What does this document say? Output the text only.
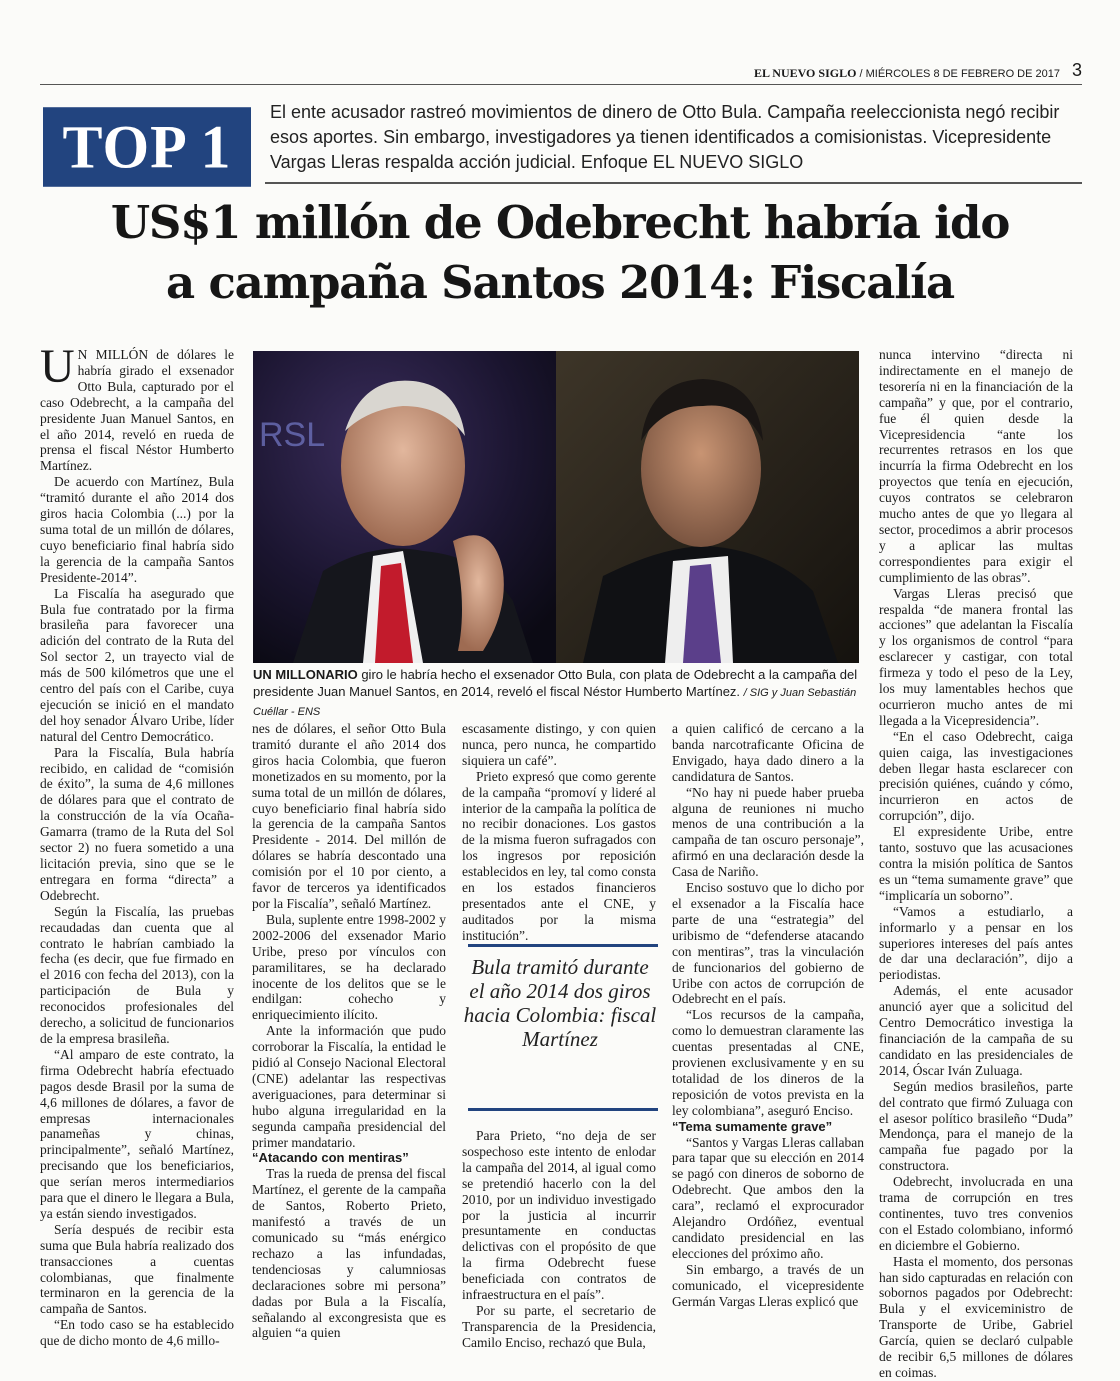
EL NUEVO SIGLO / MIÉRCOLES 8 DE FEBRERO DE 2017 3
TOP 1
El ente acusador rastreó movimientos de dinero de Otto Bula. Campaña reeleccionista negó recibir esos aportes. Sin embargo, investigadores ya tienen identificados a comisionistas. Vicepresidente Vargas Lleras respalda acción judicial. Enfoque EL NUEVO SIGLO
US$1 millón de Odebrecht habría ido
a campaña Santos 2014: Fiscalía
RSL
UN MILLONARIO giro le habría hecho el exsenador Otto Bula, con plata de Odebrecht a la campaña del presidente Juan Manuel Santos, en 2014, reveló el fiscal Néstor Humberto Martínez. / SIG y Juan Sebastián Cuéllar - ENS

U N MILLÓN de dólares le habría girado el exsenador Otto Bula, capturado por el caso Odebrecht, a la campaña del presidente Juan Manuel Santos, en el año 2014, reveló en rueda de prensa el fiscal Néstor Humberto Martínez.

De acuerdo con Martínez, Bula “tramitó durante el año 2014 dos giros hacia Colombia (...) por la suma total de un millón de dólares, cuyo beneficiario final habría sido la gerencia de la campaña Santos Presidente-2014”.

La Fiscalía ha asegurado que Bula fue contratado por la firma brasileña para favorecer una adición del contrato de la Ruta del Sol sector 2, un trayecto vial de más de 500 kilómetros que une el centro del país con el Caribe, cuya ejecución se inició en el mandato del hoy senador Álvaro Uribe, líder natural del Centro Democrático.

Para la Fiscalía, Bula habría recibido, en calidad de “comisión de éxito”, la suma de 4,6 millones de dólares para que el contrato de la construcción de la vía Ocaña-Gamarra (tramo de la Ruta del Sol sector 2) no fuera sometido a una licitación previa, sino que se le entregara en forma “directa” a Odebrecht.

Según la Fiscalía, las pruebas recaudadas dan cuenta que al contrato le habrían cambiado la fecha (es decir, que fue firmado en el 2016 con fecha del 2013), con la participación de Bula y reconocidos profesionales del derecho, a solicitud de funcionarios de la empresa brasileña.

“Al amparo de este contrato, la firma Odebrecht habría efectuado pagos desde Brasil por la suma de 4,6 millones de dólares, a favor de empresas internacionales panameñas y chinas, principalmente”, señaló Martínez, precisando que los beneficiarios, que serían meros intermediarios para que el dinero le llegara a Bula, ya están siendo investigados.

Sería después de recibir esta suma que Bula habría realizado dos transacciones a cuentas colombianas, que finalmente terminaron en la gerencia de la campaña de Santos.

“En todo caso se ha establecido que de dicho monto de 4,6 millo-

nes de dólares, el señor Otto Bula tramitó durante el año 2014 dos giros hacia Colombia, que fueron monetizados en su momento, por la suma total de un millón de dólares, cuyo beneficiario final habría sido la gerencia de la campaña Santos Presidente - 2014. Del millón de dólares se habría descontado una comisión por el 10 por ciento, a favor de terceros ya identificados por la Fiscalía”, señaló Martínez.

Bula, suplente entre 1998-2002 y 2002-2006 del exsenador Mario Uribe, preso por vínculos con paramilitares, se ha declarado inocente de los delitos que se le endilgan: cohecho y enriquecimiento ilícito.

Ante la información que pudo corroborar la Fiscalía, la entidad le pidió al Consejo Nacional Electoral (CNE) adelantar las respectivas averiguaciones, para determinar si hubo alguna irregularidad en la segunda campaña presidencial del primer mandatario.

“Atacando con mentiras”

Tras la rueda de prensa del fiscal Martínez, el gerente de la campaña de Santos, Roberto Prieto, manifestó a través de un comunicado su “más enérgico rechazo a las infundadas, tendenciosas y calumniosas declaraciones sobre mi persona” dadas por Bula a la Fiscalía, señalando al excongresista que es alguien “a quien

escasamente distingo, y con quien nunca, pero nunca, he compartido siquiera un café”.

Prieto expresó que como gerente de la campaña “promoví y lideré al interior de la campaña la política de no recibir donaciones. Los gastos de la misma fueron sufragados con los ingresos por reposición establecidos en ley, tal como consta en los estados financieros presentados ante el CNE, y auditados por la misma institución”.

Bula tramitó durante el año 2014 dos giros hacia Colombia: fiscal Martínez

Para Prieto, “no deja de ser sospechoso este intento de enlodar la campaña del 2014, al igual como se pretendió hacerlo con la del 2010, por un individuo investigado por la justicia al incurrir presuntamente en conductas delictivas con el propósito de que la firma Odebrecht fuese beneficiada con contratos de infraestructura en el país”.

Por su parte, el secretario de Transparencia de la Presidencia, Camilo Enciso, rechazó que Bula,

a quien calificó de cercano a la banda narcotraficante Oficina de Envigado, haya dado dinero a la candidatura de Santos.

“No hay ni puede haber prueba alguna de reuniones ni mucho menos de una contribución a la campaña de tan oscuro personaje”, afirmó en una declaración desde la Casa de Nariño.

Enciso sostuvo que lo dicho por el exsenador a la Fiscalía hace parte de una “estrategia” del uribismo de “defenderse atacando con mentiras”, tras la vinculación de funcionarios del gobierno de Uribe con actos de corrupción de Odebrecht en el país.

“Los recursos de la campaña, como lo demuestran claramente las cuentas presentadas al CNE, provienen exclusivamente y en su totalidad de los dineros de la reposición de votos prevista en la ley colombiana”, aseguró Enciso.

“Tema sumamente grave”

“Santos y Vargas Lleras callaban para tapar que su elección en 2014 se pagó con dineros de soborno de Odebrecht. Que ambos den la cara”, reclamó el exprocurador Alejandro Ordóñez, eventual candidato presidencial en las elecciones del próximo año.

Sin embargo, a través de un comunicado, el vicepresidente Germán Vargas Lleras explicó que

nunca intervino “directa ni indirectamente en el manejo de tesorería ni en la financiación de la campaña” y que, por el contrario, fue él quien desde la Vicepresidencia “ante los recurrentes retrasos en los que incurría la firma Odebrecht en los proyectos que tenía en ejecución, cuyos contratos se celebraron mucho antes de que yo llegara al sector, procedimos a abrir procesos y a aplicar las multas correspondientes para exigir el cumplimiento de las obras”.

Vargas Lleras precisó que respalda “de manera frontal las acciones” que adelantan la Fiscalía y los organismos de control “para esclarecer y castigar, con total firmeza y todo el peso de la Ley, los muy lamentables hechos que ocurrieron mucho antes de mi llegada a la Vicepresidencia”.

“En el caso Odebrecht, caiga quien caiga, las investigaciones deben llegar hasta esclarecer con precisión quiénes, cuándo y cómo, incurrieron en actos de corrupción”, dijo.

El expresidente Uribe, entre tanto, sostuvo que las acusaciones contra la misión política de Santos es un “tema sumamente grave” que “implicaría un soborno”.

“Vamos a estudiarlo, a informarlo y a pensar en los superiores intereses del país antes de dar una declaración”, dijo a periodistas.

Además, el ente acusador anunció ayer que a solicitud del Centro Democrático investiga la financiación de la campaña de su candidato en las presidenciales de 2014, Óscar Iván Zuluaga.

Según medios brasileños, parte del contrato que firmó Zuluaga con el asesor político brasileño “Duda” Mendonça, para el manejo de la campaña fue pagado por la constructora.

Odebrecht, involucrada en una trama de corrupción en tres continentes, tuvo tres convenios con el Estado colombiano, informó en diciembre el Gobierno.

Hasta el momento, dos personas han sido capturadas en relación con sobornos pagados por Odebrecht: Bula y el exviceministro de Transporte de Uribe, Gabriel García, quien se declaró culpable de recibir 6,5 millones de dólares en coimas.
